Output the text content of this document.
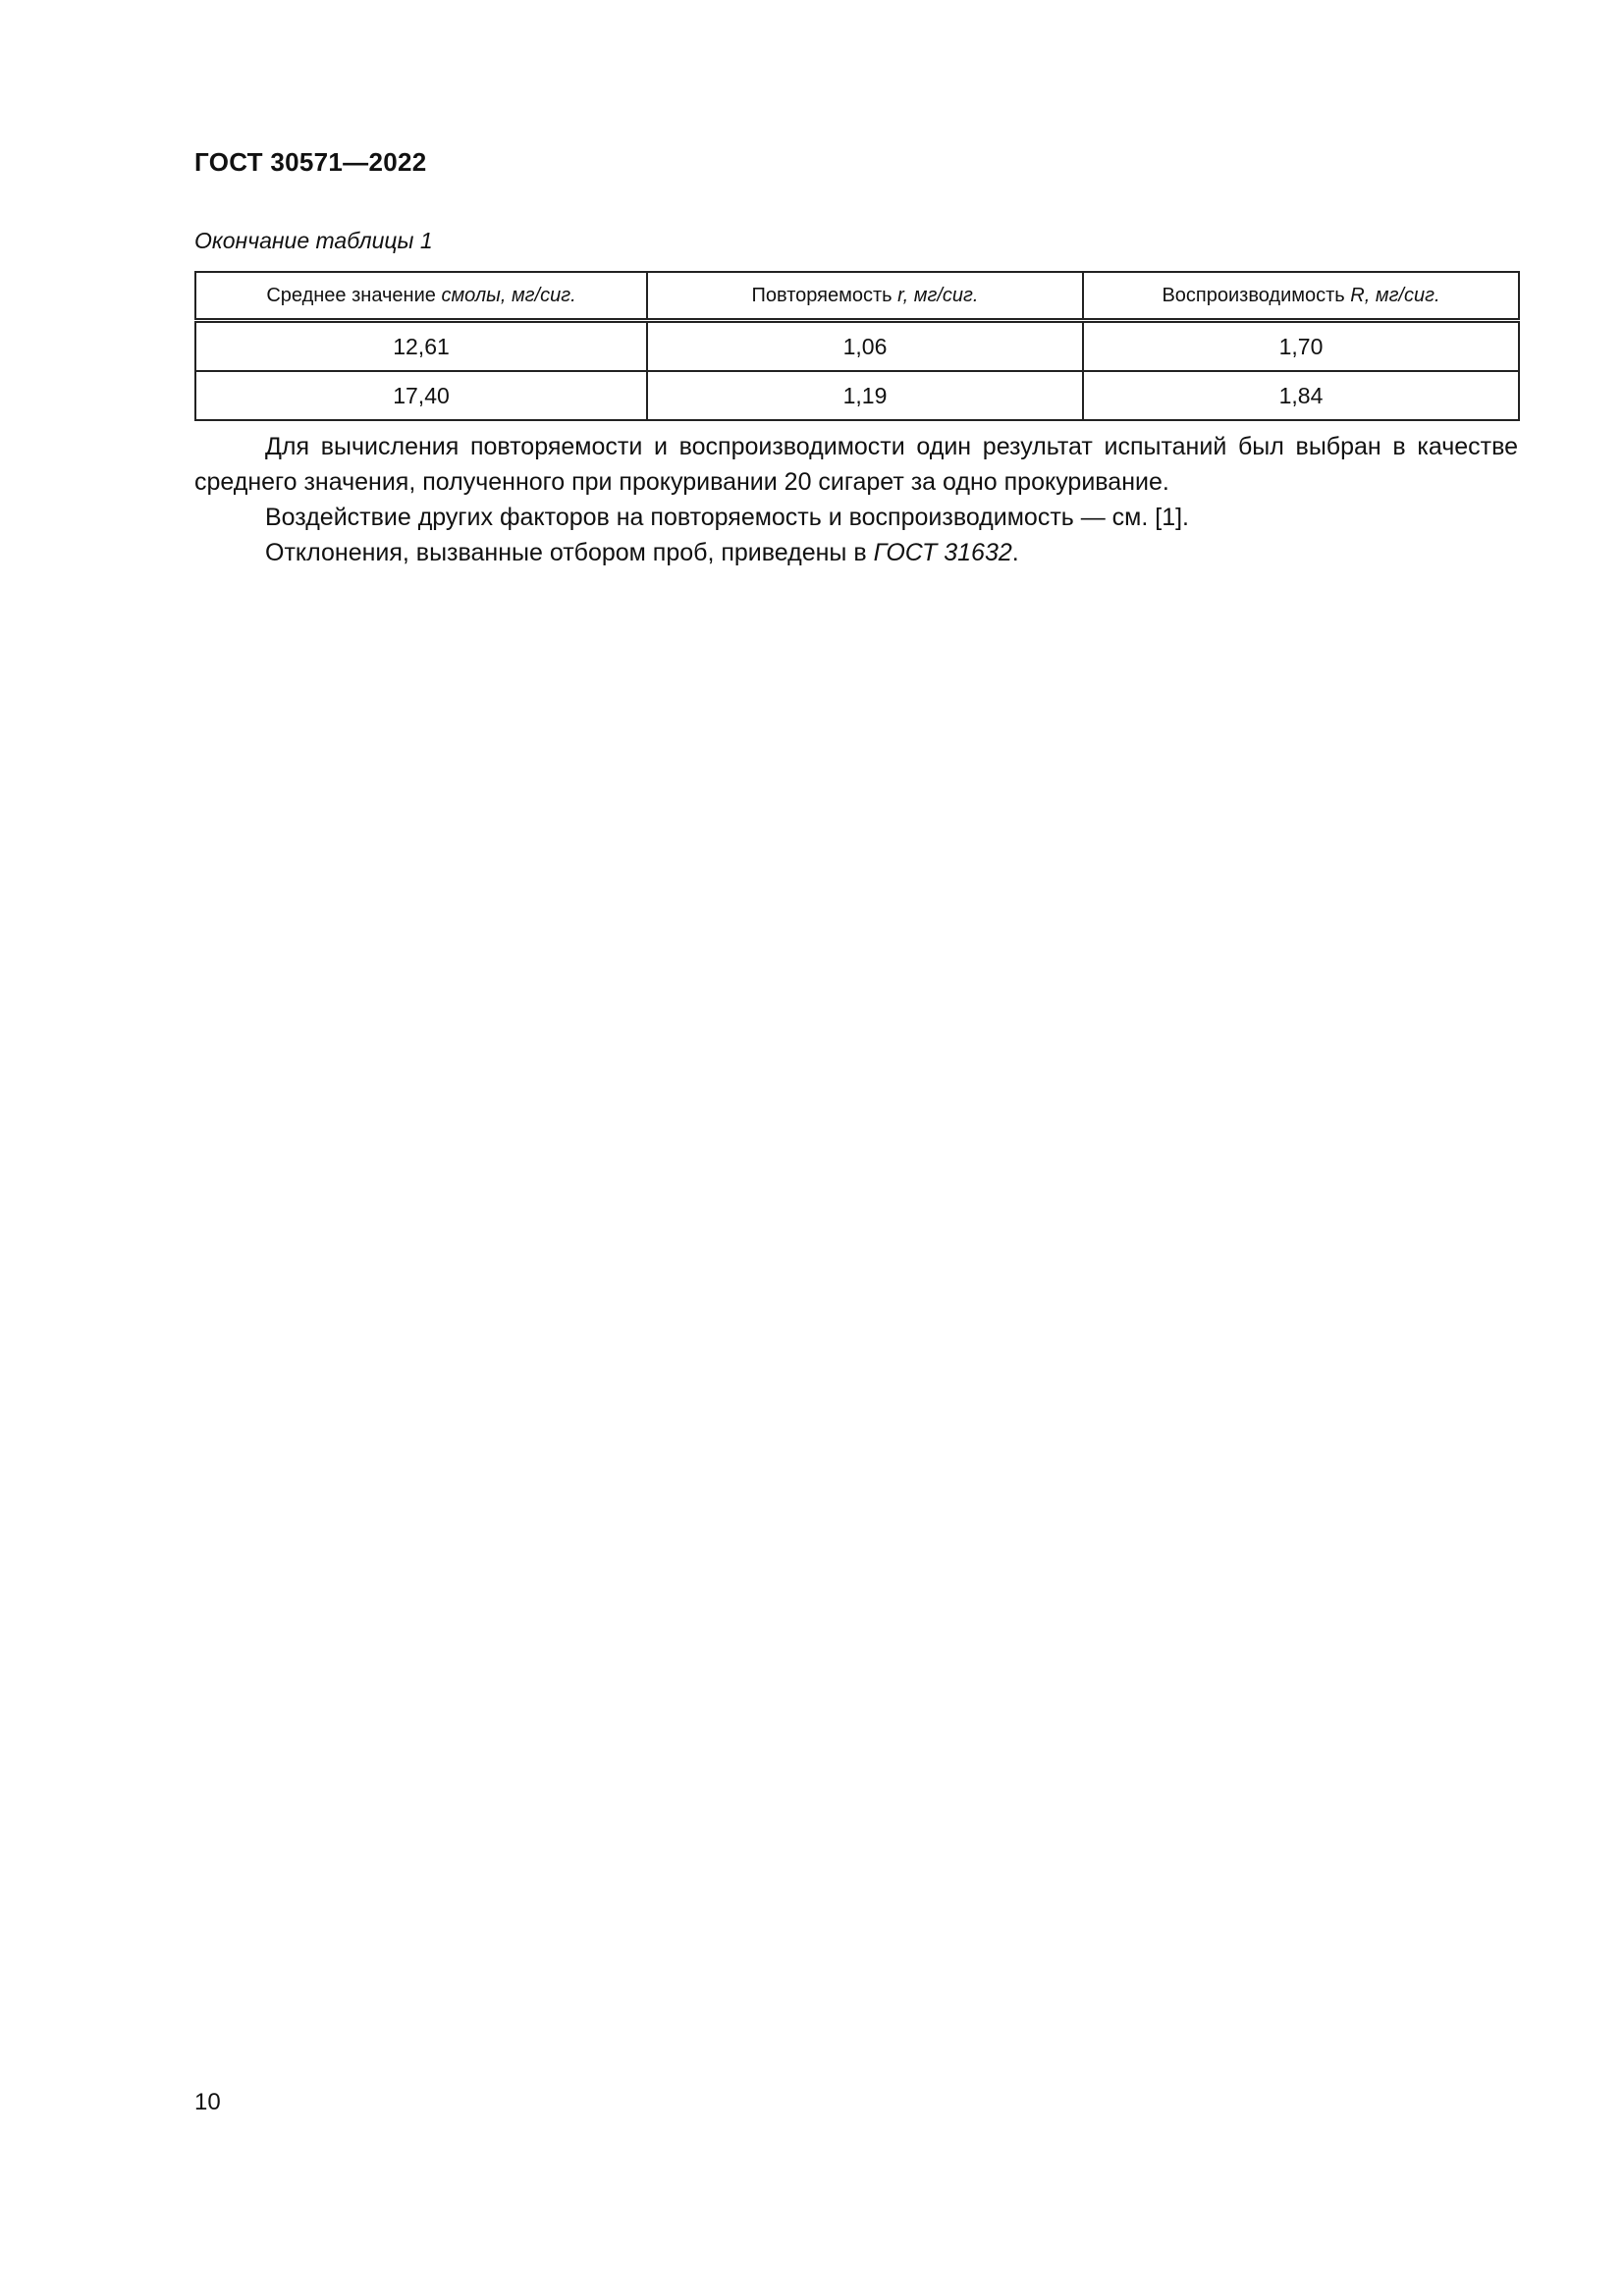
ГОСТ 30571—2022
Окончание таблицы 1
Среднее значение смолы, мг/сиг.	Повторяемость r, мг/сиг.	Воспроизводимость R, мг/сиг.
12,61	1,06	1,70
17,40	1,19	1,84

Для вычисления повторяемости и воспроизводимости один результат испытаний был выбран в качестве среднего значения, полученного при прокуривании 20 сигарет за одно прокуривание.

Воздействие других факторов на повторяемость и воспроизводимость — см. [1].

Отклонения, вызванные отбором проб, приведены в ГОСТ 31632.

10
